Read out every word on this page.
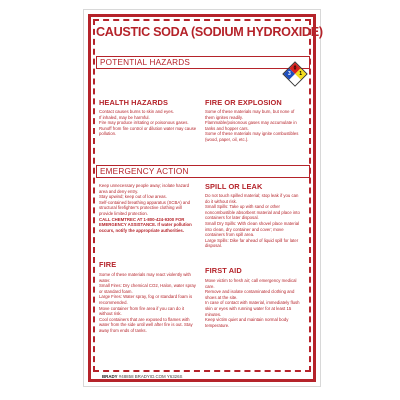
CAUSTIC SODA (SODIUM HYDROXIDE)
POTENTIAL HAZARDS
0
1
3
HEALTH HAZARDS
Contact causes burns to skin and eyes.
If inhaled, may be harmful.
Fire may produce irritating or poisonous gases.
Runoff from fire control or dilution water may cause pollution.
FIRE OR EXPLOSION
Some of these materials may burn, but none of them ignites readily.
Flammable/poisonous gases may accumulate in tanks and hopper cars.
Some of these materials may ignite combustibles (wood, paper, oil, etc.).
EMERGENCY ACTION
Keep unnecessary people away; isolate hazard area and deny entry.
Stay upwind; keep out of low areas.
Self-contained breathing apparatus (SCBA) and structural firefighter's protective clothing will provide limited protection.
CALL CHEMTREC AT 1-800-424-9300 FOR EMERGENCY ASSISTANCE. If water pollution occurs, notify the appropriate authorities.
FIRE
Some of these materials may react violently with water.
Small Fires: Dry chemical CO2, Halon, water spray or standard foam.
Large Fires: Water spray, fog or standard foam is recommended.
Move container from fire area if you can do it without risk.
Cool containers that are exposed to flames with water from the side until well after fire is out. Stay away from ends of tanks.
SPILL OR LEAK
Do not touch spilled material; stop leak if you can do it without risk.
Small Spills: Take up with sand or other noncombustible absorbent material and place into containers for later disposal.
Small Dry Spills: With clean shovel place material into clean, dry container and cover; move containers from spill area.
Large Spills: Dike far ahead of liquid spill for later disposal.
FIRST AID
Move victim to fresh air; call emergency medical care.
Remove and isolate contaminated clothing and shoes at the site.
In case of contact with material, immediately flush skin or eyes with running water for at least 15 minutes.
Keep victim quiet and maintain normal body temperature.
BRADY #48858 BRADYID.COM Y6326S
